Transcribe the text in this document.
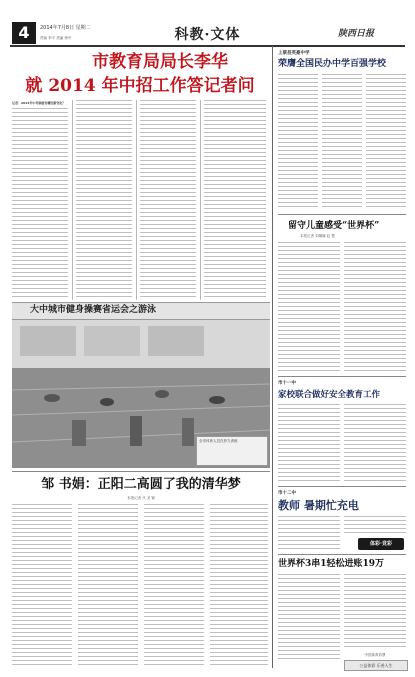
4	2014年7月8日 星期二
责编 李平 美编 徐中	科教·文体	陕西日报
市教育局局长李华
就 2014 年中招工作答记者问
记者：2014年中考制度有哪些新变化？
大中城市健身操赛省运会之游泳
全市体育人员在努力训练
邹 书娟：正阳二高圆了我的清华梦
本报记者 代 圣 颖
上蔡县英豪中学
荣膺全国民办中学百强学校
留守儿童感受“世界杯”
本报记者 刘娜娜 赵 慧
市十一中
家校联合做好安全教育工作
市十二中
教师 暑期忙充电
体彩·竞彩
世界杯3串1轻松进账19万
中国体育彩票
公益体彩 乐善人生
